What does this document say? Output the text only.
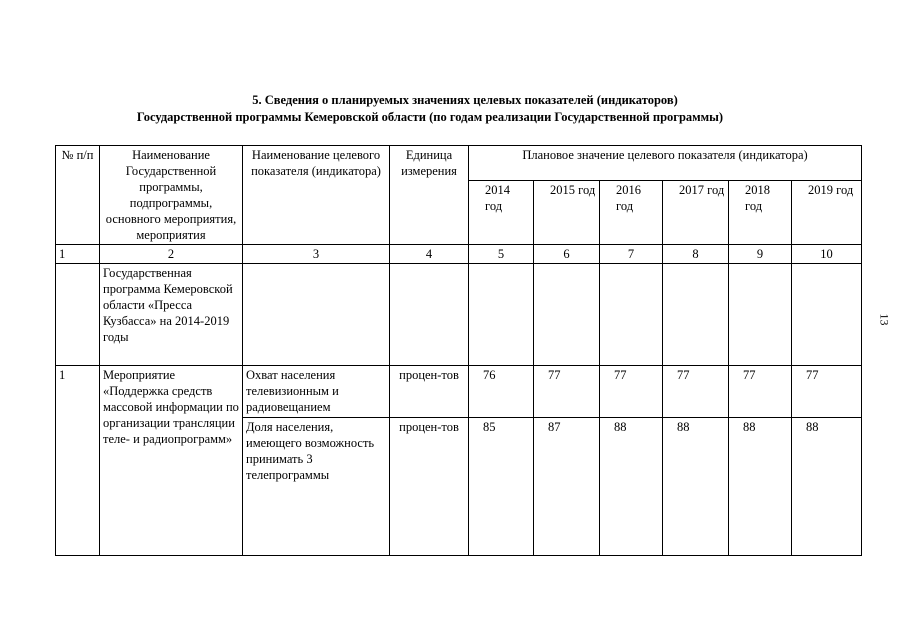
5. Сведения о планируемых значениях целевых показателей (индикаторов)
Государственной программы Кемеровской области (по годам реализации Государственной программы)
№ п/п	Наименование Государственной программы, подпрограммы, основного мероприятия, мероприятия	Наименование целевого показателя (индикатора)	Единица измерения	Плановое значение целевого показателя (индикатора)					
				2014 год	2015 год	2016 год	2017 год	2018 год	2019 год
1	2	3	4	5	6	7	8	9	10
	Государственная программа Кемеровской области «Пресса Кузбасса» на 2014-2019 годы								
1	Мероприятие «Поддержка средств массовой информации по организации трансляции теле- и радиопрограмм»	Охват населения телевизионным и радиовещанием	процен-тов	76	77	77	77	77	77
		Доля населения, имеющего возможность принимать 3 телепрограммы	процен-тов	85	87	88	88	88	88
13
